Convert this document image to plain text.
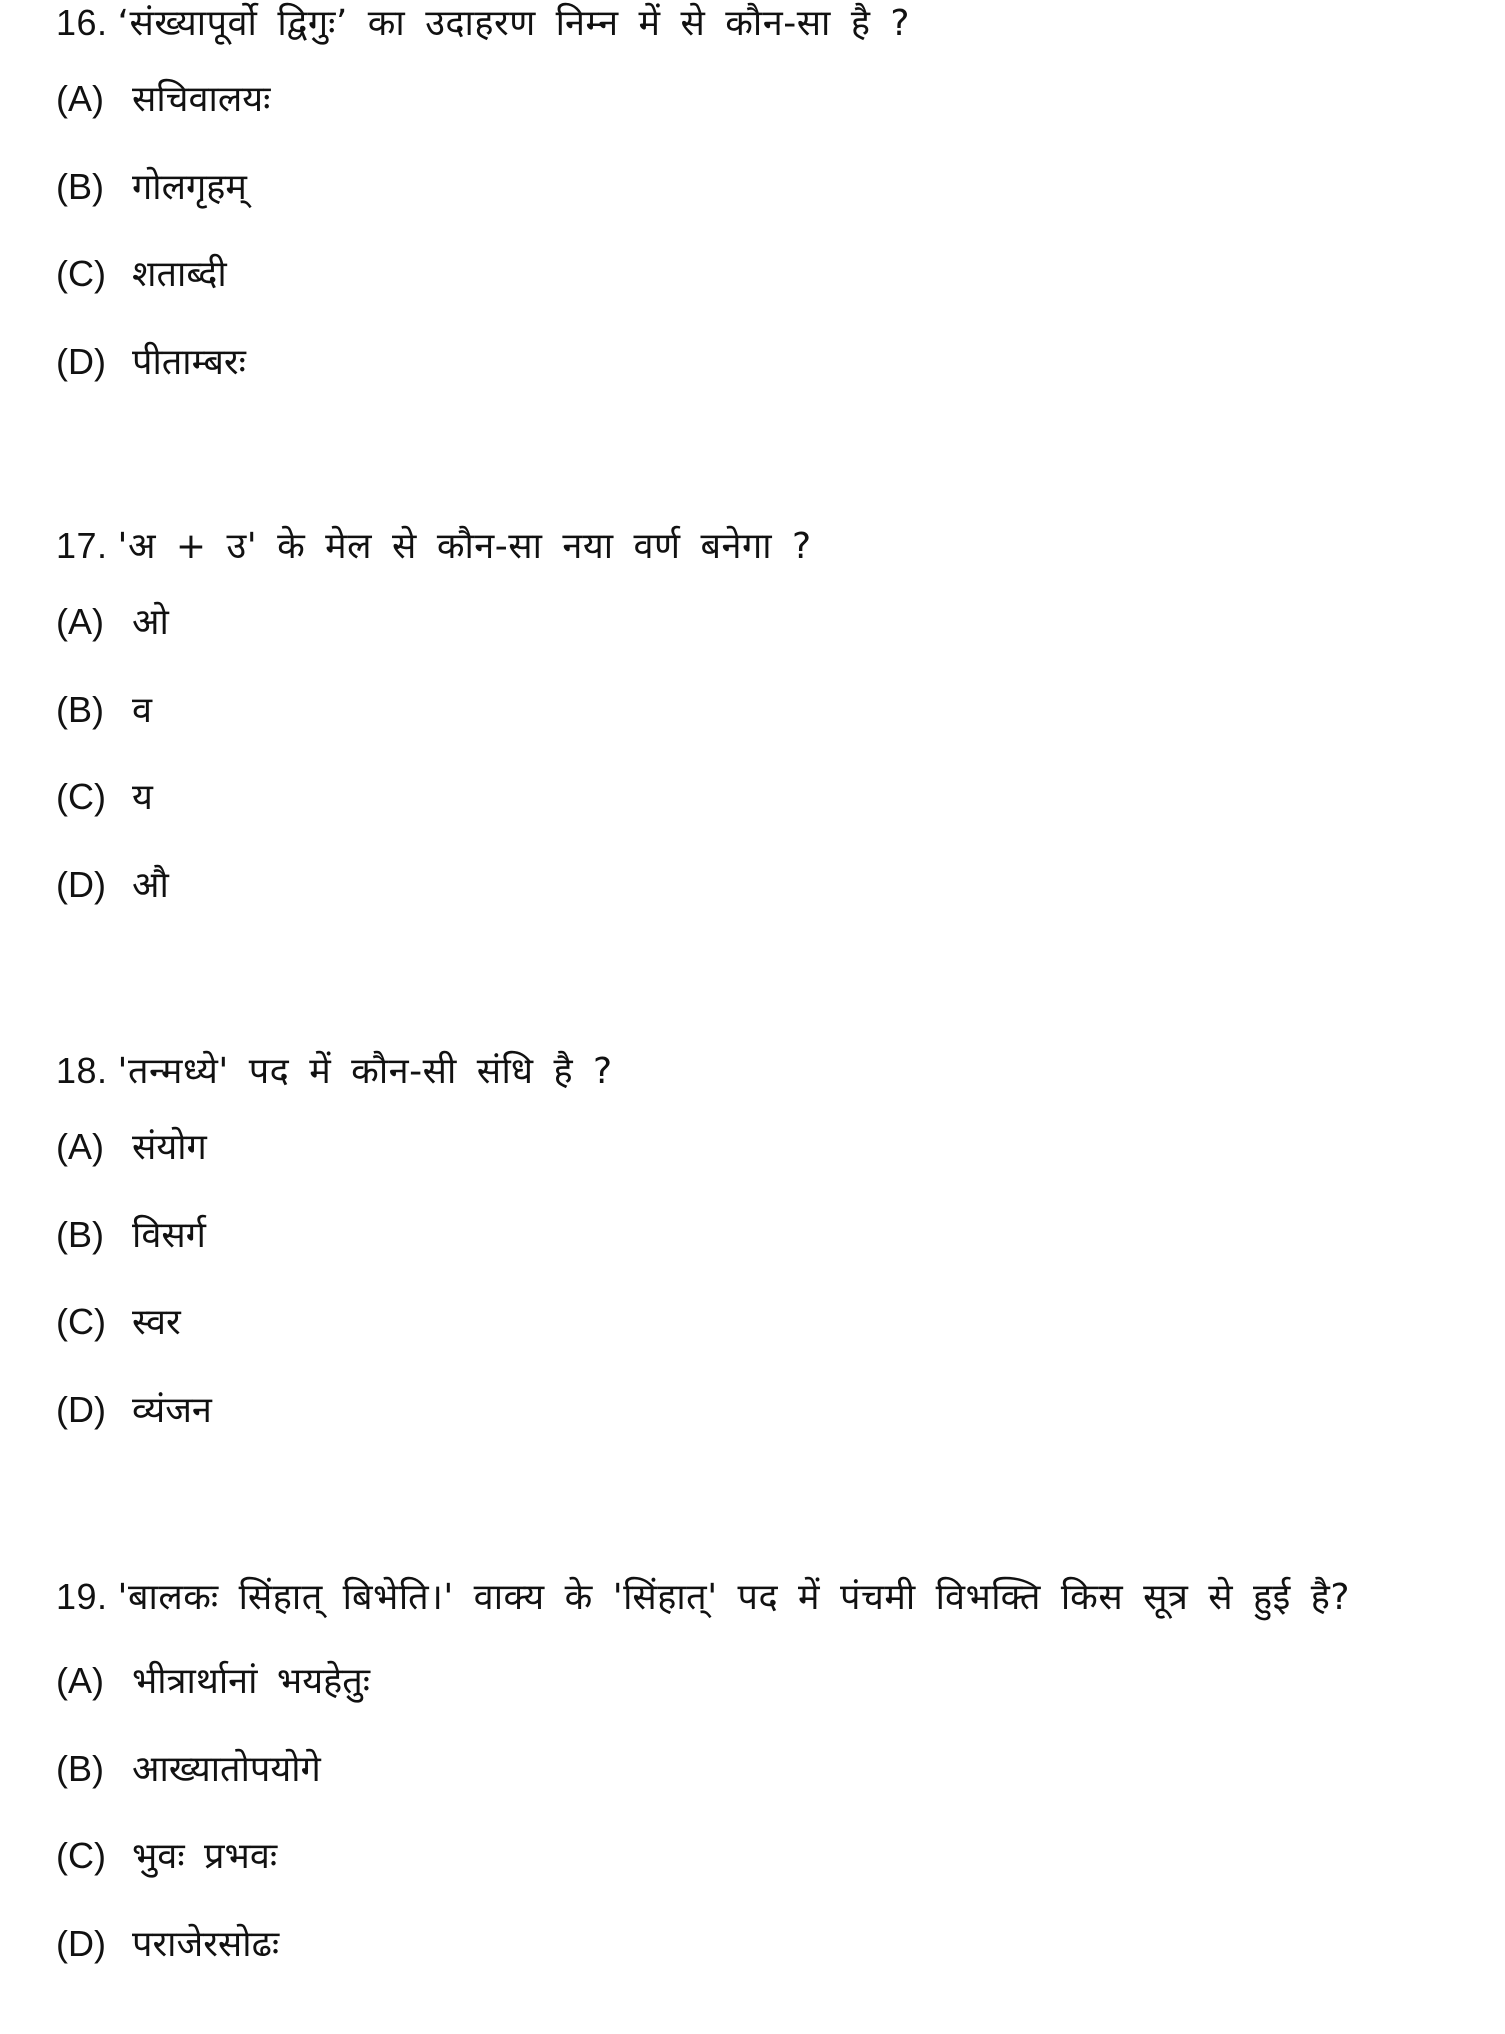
16. ‘संख्यापूर्वो द्विगुः’ का उदाहरण निम्न में से कौन-सा है ?

(A) सचिवालयः
(B) गोलगृहम्
(C) शताब्दी
(D) पीताम्बरः

17. 'अ + उ' के मेल से कौन-सा नया वर्ण बनेगा ?

(A) ओ
(B) व
(C) य
(D) औ

18. 'तन्मध्ये' पद में कौन-सी संधि है ?

(A) संयोग
(B) विसर्ग
(C) स्वर
(D) व्यंजन

19. 'बालकः सिंहात् बिभेति।' वाक्य के 'सिंहात्' पद में पंचमी विभक्ति किस सूत्र से हुई है?

(A) भीत्रार्थानां भयहेतुः
(B) आख्यातोपयोगे
(C) भुवः प्रभवः
(D) पराजेरसोढः
